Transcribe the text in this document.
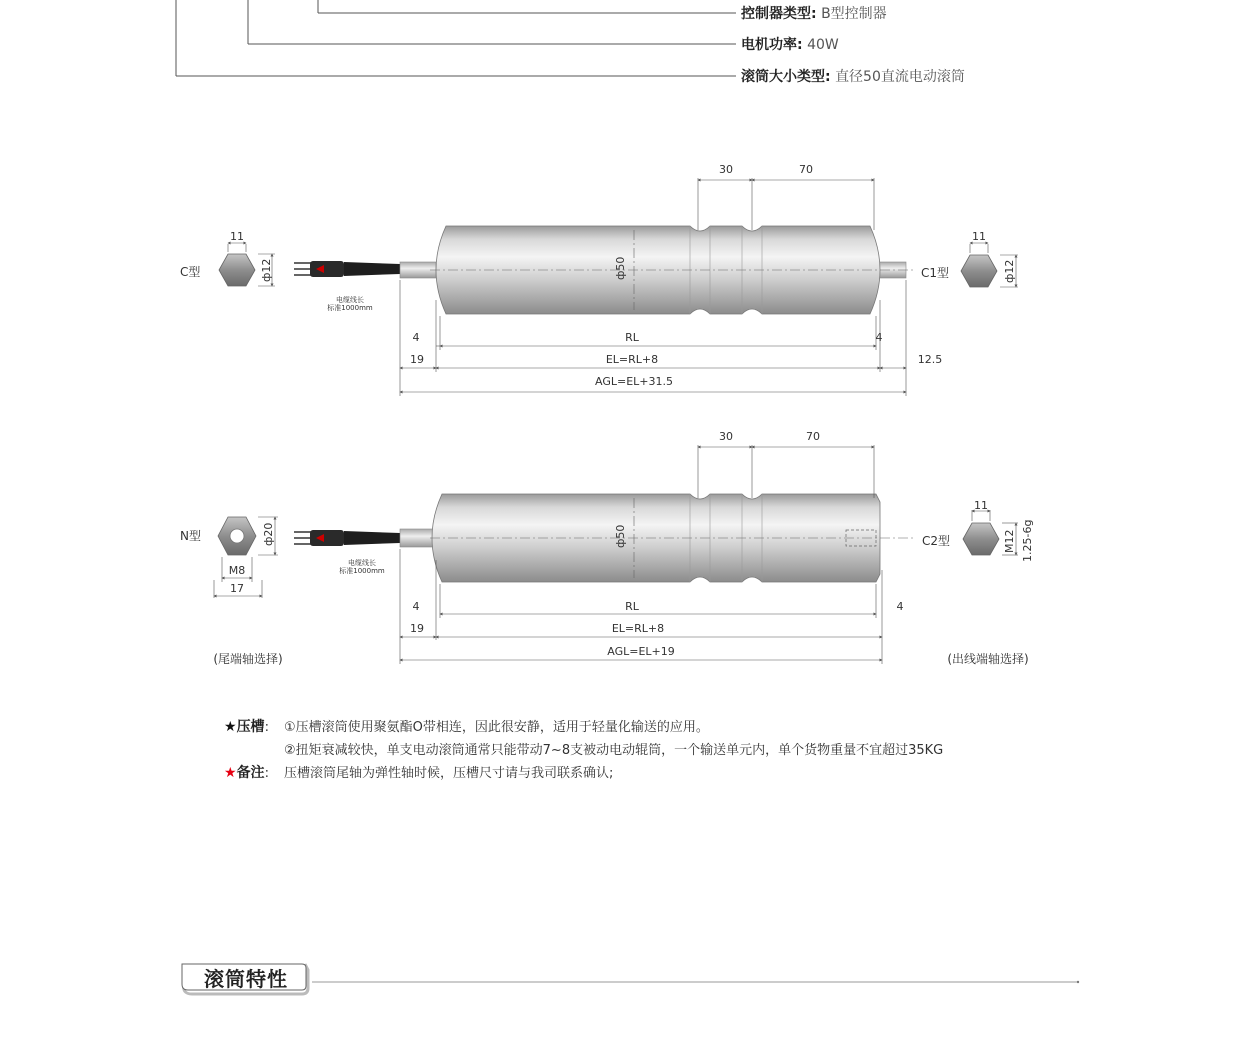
控制器类型: B型控制器
电机功率: 40W
滚筒大小类型: 直径50直流电动滚筒
C型
11
ф12
电缆线长
标准1000mm
ф50
30	70
C1型
11
ф12
4	RL	4
19	EL=RL+8	12.5
AGL=EL+31.5
N型	ф20
M8
17
电缆线长
标准1000mm
ф50
30	70
C2型
11
M12 1.25-6g
4	RL	4
19	EL=RL+8
AGL=EL+19
(尾端轴选择)	(出线端轴选择)
★压槽: ①压槽滚筒使用聚氨酯O带相连，因此很安静，适用于轻量化输送的应用。
②扭矩衰减较快，单支电动滚筒通常只能带动7~8支被动电动辊筒，一个输送单元内，单个货物重量不宜超过35KG
★备注: 压槽滚筒尾轴为弹性轴时候，压槽尺寸请与我司联系确认;
滚筒特性
